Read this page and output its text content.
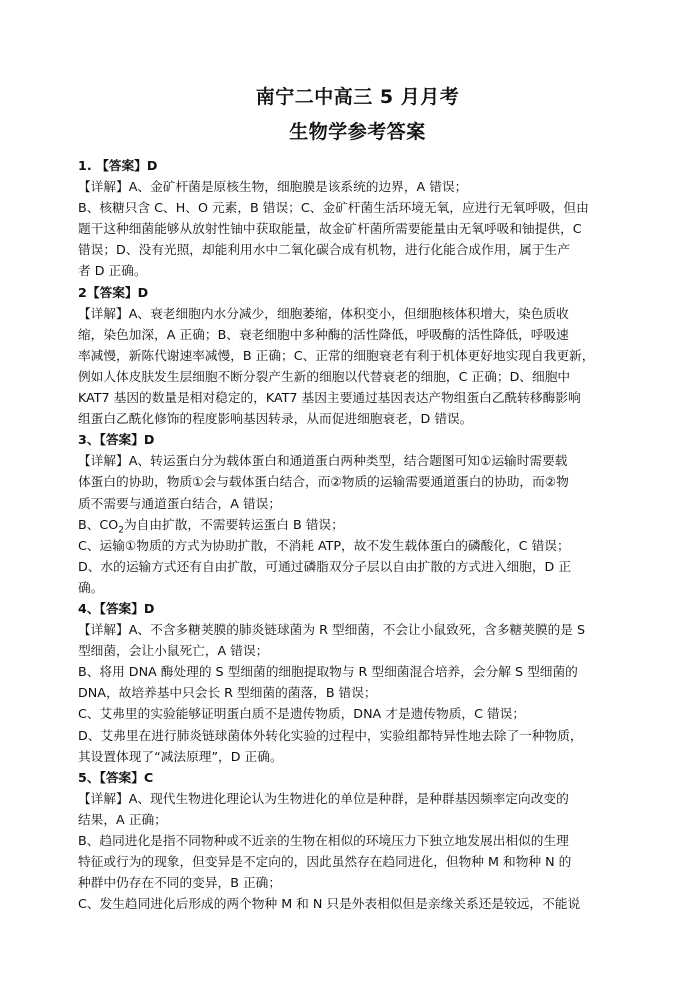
南宁二中高三 5 月月考
生物学参考答案

1. 【答案】D

【详解】A、金矿杆菌是原核生物，细胞膜是该系统的边界，A 错误；

B、核糖只含 C、H、O 元素，B 错误；C、金矿杆菌生活环境无氧，应进行无氧呼吸，但由

题干这种细菌能够从放射性铀中获取能量，故金矿杆菌所需要能量由无氧呼吸和铀提供，C

错误；D、没有光照，却能利用水中二氧化碳合成有机物，进行化能合成作用，属于生产

者 D 正确。

2【答案】D

【详解】A、衰老细胞内水分减少，细胞萎缩，体积变小，但细胞核体积增大，染色质收

缩，染色加深，A 正确；B、衰老细胞中多种酶的活性降低，呼吸酶的活性降低，呼吸速

率减慢，新陈代谢速率减慢，B 正确；C、正常的细胞衰老有利于机体更好地实现自我更新，

例如人体皮肤发生层细胞不断分裂产生新的细胞以代替衰老的细胞，C 正确；D、细胞中

KAT7 基因的数量是相对稳定的，KAT7 基因主要通过基因表达产物组蛋白乙酰转移酶影响

组蛋白乙酰化修饰的程度影响基因转录，从而促进细胞衰老，D 错误。

3、【答案】D

【详解】A、转运蛋白分为载体蛋白和通道蛋白两种类型，结合题图可知①运输时需要载

体蛋白的协助，物质①会与载体蛋白结合，而②物质的运输需要通道蛋白的协助，而②物

质不需要与通道蛋白结合，A 错误；

B、$CO_2$为自由扩散，不需要转运蛋白 B 错误；

C、运输①物质的方式为协助扩散，不消耗 ATP，故不发生载体蛋白的磷酸化，C 错误；

D、水的运输方式还有自由扩散，可通过磷脂双分子层以自由扩散的方式进入细胞，D 正

确。

4、【答案】D

【详解】A、不含多糖荚膜的肺炎链球菌为 R 型细菌，不会让小鼠致死，含多糖荚膜的是 S

型细菌，会让小鼠死亡，A 错误；

B、将用 DNA 酶处理的 S 型细菌的细胞提取物与 R 型细菌混合培养，会分解 S 型细菌的

DNA，故培养基中只会长 R 型细菌的菌落，B 错误；

C、艾弗里的实验能够证明蛋白质不是遗传物质，DNA 才是遗传物质，C 错误；

D、艾弗里在进行肺炎链球菌体外转化实验的过程中，实验组都特异性地去除了一种物质，

其设置体现了“减法原理”，D 正确。

5、【答案】C

【详解】A、现代生物进化理论认为生物进化的单位是种群，是种群基因频率定向改变的

结果，A 正确；

B、趋同进化是指不同物种或不近亲的生物在相似的环境压力下独立地发展出相似的生理

特征或行为的现象，但变异是不定向的，因此虽然存在趋同进化，但物种 M 和物种 N 的

种群中仍存在不同的变异，B 正确；

C、发生趋同进化后形成的两个物种 M 和 N 只是外表相似但是亲缘关系还是较远，不能说
